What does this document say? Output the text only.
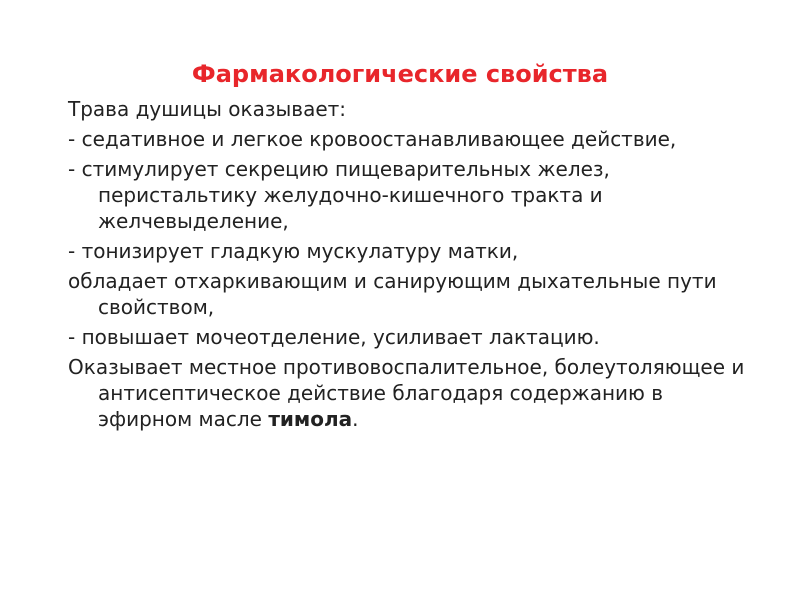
Фармакологические свойства

Трава душицы оказывает:

- седативное и легкое кровоостанавливающее действие,

- стимулирует секрецию пищеварительных желез, перистальтику желудочно-кишечного тракта и желчевыделение,

- тонизирует гладкую мускулатуру матки,

обладает отхаркивающим и санирующим дыхательные пути свойством,

- повышает мочеотделение, усиливает лактацию.

Оказывает местное противовоспалительное, болеутоляющее и антисептическое действие благодаря содержанию в эфирном масле тимола.
